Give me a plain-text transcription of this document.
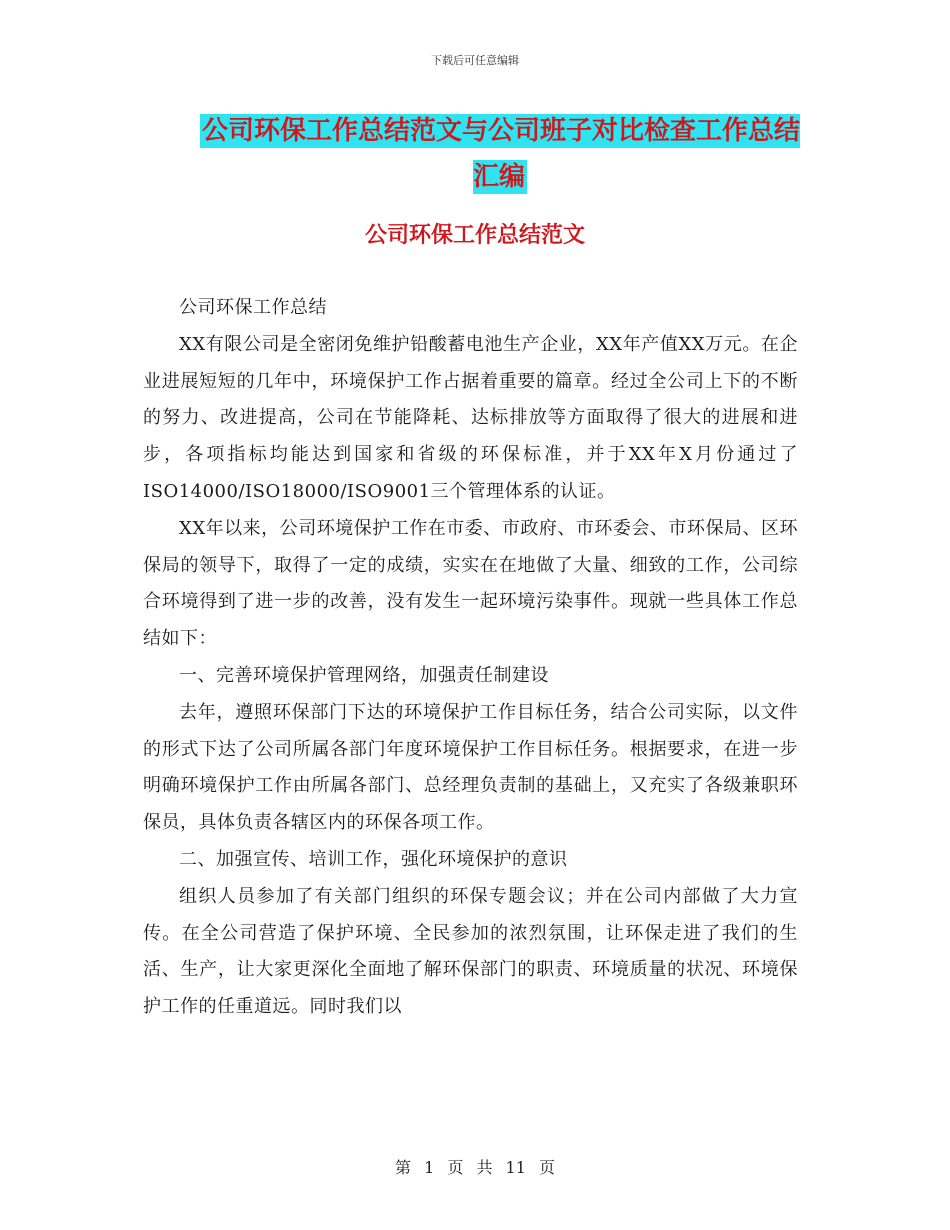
下载后可任意编辑
公司环保工作总结范文与公司班子对比检查工作总结汇编
公司环保工作总结范文

公司环保工作总结

XX有限公司是全密闭免维护铅酸蓄电池生产企业，XX年产值XX万元。在企业进展短短的几年中，环境保护工作占据着重要的篇章。经过全公司上下的不断的努力、改进提高，公司在节能降耗、达标排放等方面取得了很大的进展和进步，各项指标均能达到国家和省级的环保标准，并于XX年X月份通过了ISO14000/ISO18000/ISO9001三个管理体系的认证。

XX年以来，公司环境保护工作在市委、市政府、市环委会、市环保局、区环保局的领导下，取得了一定的成绩，实实在在地做了大量、细致的工作，公司综合环境得到了进一步的改善，没有发生一起环境污染事件。现就一些具体工作总结如下：

一、完善环境保护管理网络，加强责任制建设

去年，遵照环保部门下达的环境保护工作目标任务，结合公司实际，以文件的形式下达了公司所属各部门年度环境保护工作目标任务。根据要求，在进一步明确环境保护工作由所属各部门、总经理负责制的基础上，又充实了各级兼职环保员，具体负责各辖区内的环保各项工作。

二、加强宣传、培训工作，强化环境保护的意识

组织人员参加了有关部门组织的环保专题会议；并在公司内部做了大力宣传。在全公司营造了保护环境、全民参加的浓烈氛围，让环保走进了我们的生活、生产，让大家更深化全面地了解环保部门的职责、环境质量的状况、环境保护工作的任重道远。同时我们以

第 1 页 共 11 页
